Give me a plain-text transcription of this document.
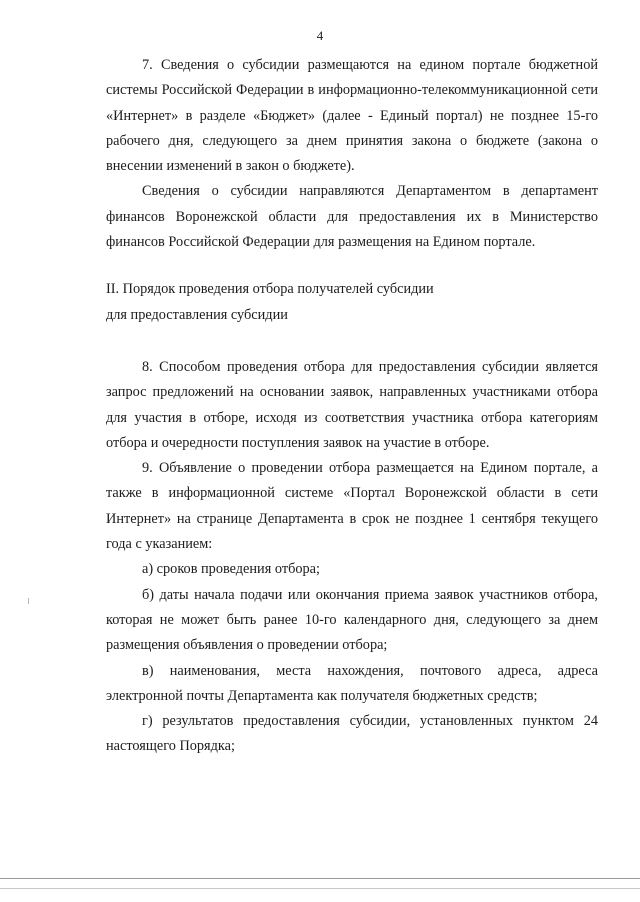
4

7. Сведения о субсидии размещаются на едином портале бюджетной системы Российской Федерации в информационно-телекоммуникационной сети «Интернет» в разделе «Бюджет» (далее - Единый портал) не позднее 15-го рабочего дня, следующего за днем принятия закона о бюджете (закона о внесении изменений в закон о бюджете).

Сведения о субсидии направляются Департаментом в департамент финансов Воронежской области для предоставления их в Министерство финансов Российской Федерации для размещения на Едином портале.

II. Порядок проведения отбора получателей субсидии

для предоставления субсидии

8. Способом проведения отбора для предоставления субсидии является запрос предложений на основании заявок, направленных участниками отбора для участия в отборе, исходя из соответствия участника отбора категориям отбора и очередности поступления заявок на участие в отборе.

9. Объявление о проведении отбора размещается на Едином портале, а также в информационной системе «Портал Воронежской области в сети Интернет» на странице Департамента в срок не позднее 1 сентября текущего года с указанием:

а) сроков проведения отбора;

б) даты начала подачи или окончания приема заявок участников отбора, которая не может быть ранее 10-го календарного дня, следующего за днем размещения объявления о проведении отбора;

в) наименования, места нахождения, почтового адреса, адреса электронной почты Департамента как получателя бюджетных средств;

г) результатов предоставления субсидии, установленных пунктом 24 настоящего Порядка;
